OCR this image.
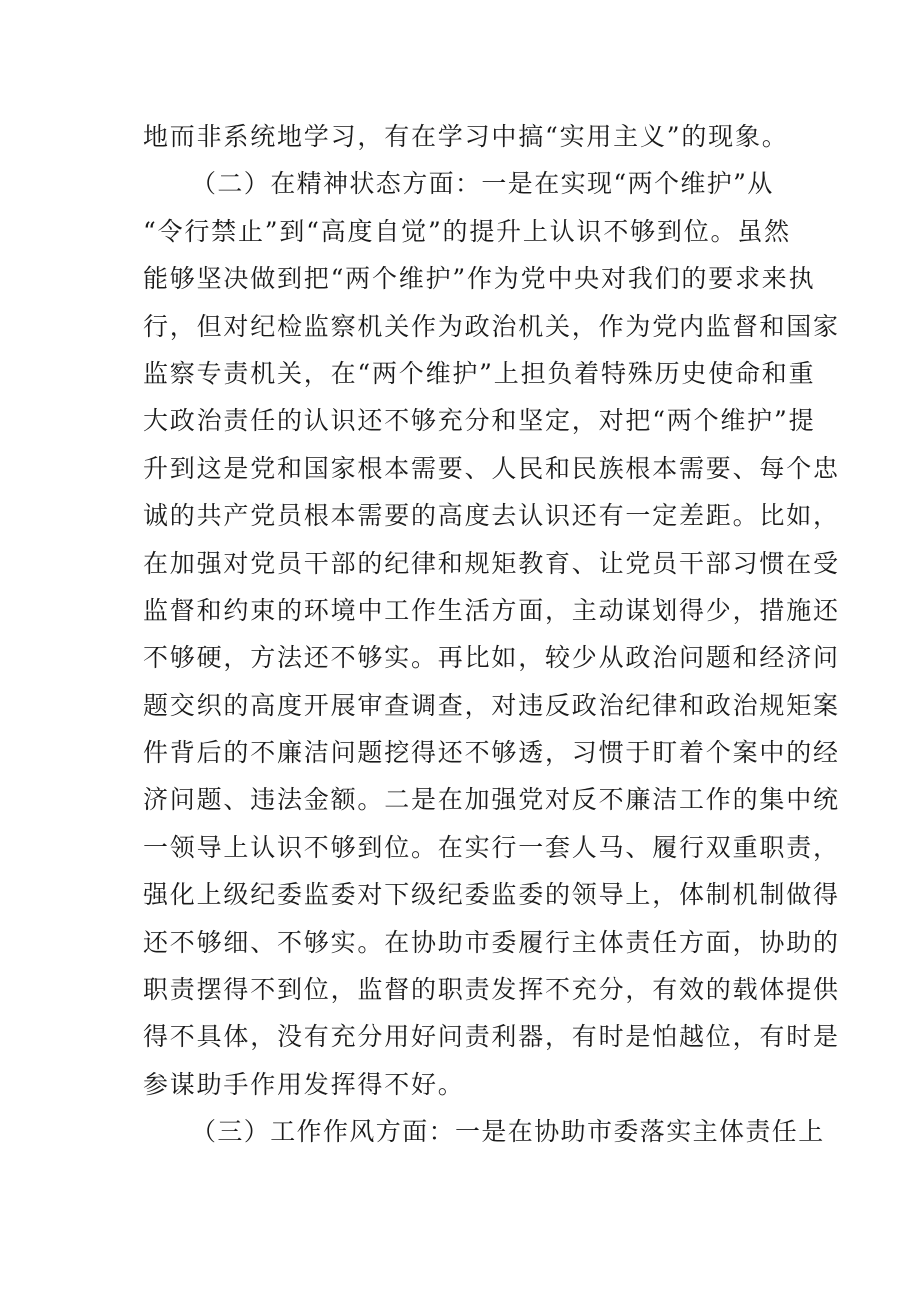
地而非系统地学习，有在学习中搞“实用主义”的现象。
（二）在精神状态方面：一是在实现“两个维护”从
“令行禁止”到“高度自觉”的提升上认识不够到位。虽然
能够坚决做到把“两个维护”作为党中央对我们的要求来执
行，但对纪检监察机关作为政治机关，作为党内监督和国家
监察专责机关，在“两个维护”上担负着特殊历史使命和重
大政治责任的认识还不够充分和坚定，对把“两个维护”提
升到这是党和国家根本需要、人民和民族根本需要、每个忠
诚的共产党员根本需要的高度去认识还有一定差距。比如，
在加强对党员干部的纪律和规矩教育、让党员干部习惯在受
监督和约束的环境中工作生活方面，主动谋划得少，措施还
不够硬，方法还不够实。再比如，较少从政治问题和经济问
题交织的高度开展审查调查，对违反政治纪律和政治规矩案
件背后的不廉洁问题挖得还不够透，习惯于盯着个案中的经
济问题、违法金额。二是在加强党对反不廉洁工作的集中统
一领导上认识不够到位。在实行一套人马、履行双重职责，
强化上级纪委监委对下级纪委监委的领导上，体制机制做得
还不够细、不够实。在协助市委履行主体责任方面，协助的
职责摆得不到位，监督的职责发挥不充分，有效的载体提供
得不具体，没有充分用好问责利器，有时是怕越位，有时是
参谋助手作用发挥得不好。
（三）工作作风方面：一是在协助市委落实主体责任上
